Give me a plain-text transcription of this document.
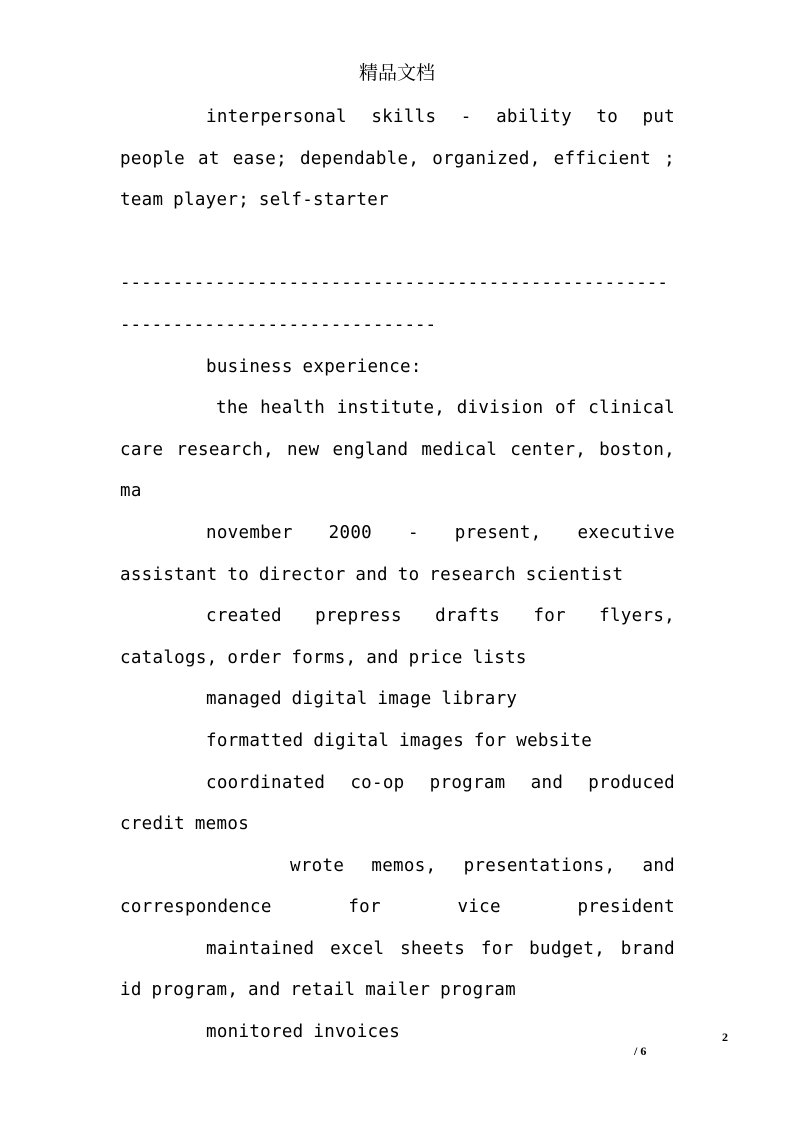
精品文档

interpersonal skills - ability to put people at ease; dependable, organized, efficient ; team player; self-starter

----------------------------------------------------
------------------------------

business experience:

the health institute, division of clinical care research, new england medical center, boston, ma

november 2000 - present, executive assistant to director and to research scientist

created prepress drafts for flyers, catalogs, order forms, and price lists

managed digital image library

formatted digital images for website

coordinated co-op program and produced credit memos

wrote memos, presentations, and correspondence for vice president

maintained excel sheets for budget, brand id program, and retail mailer program

monitored invoices	2
/ 6
